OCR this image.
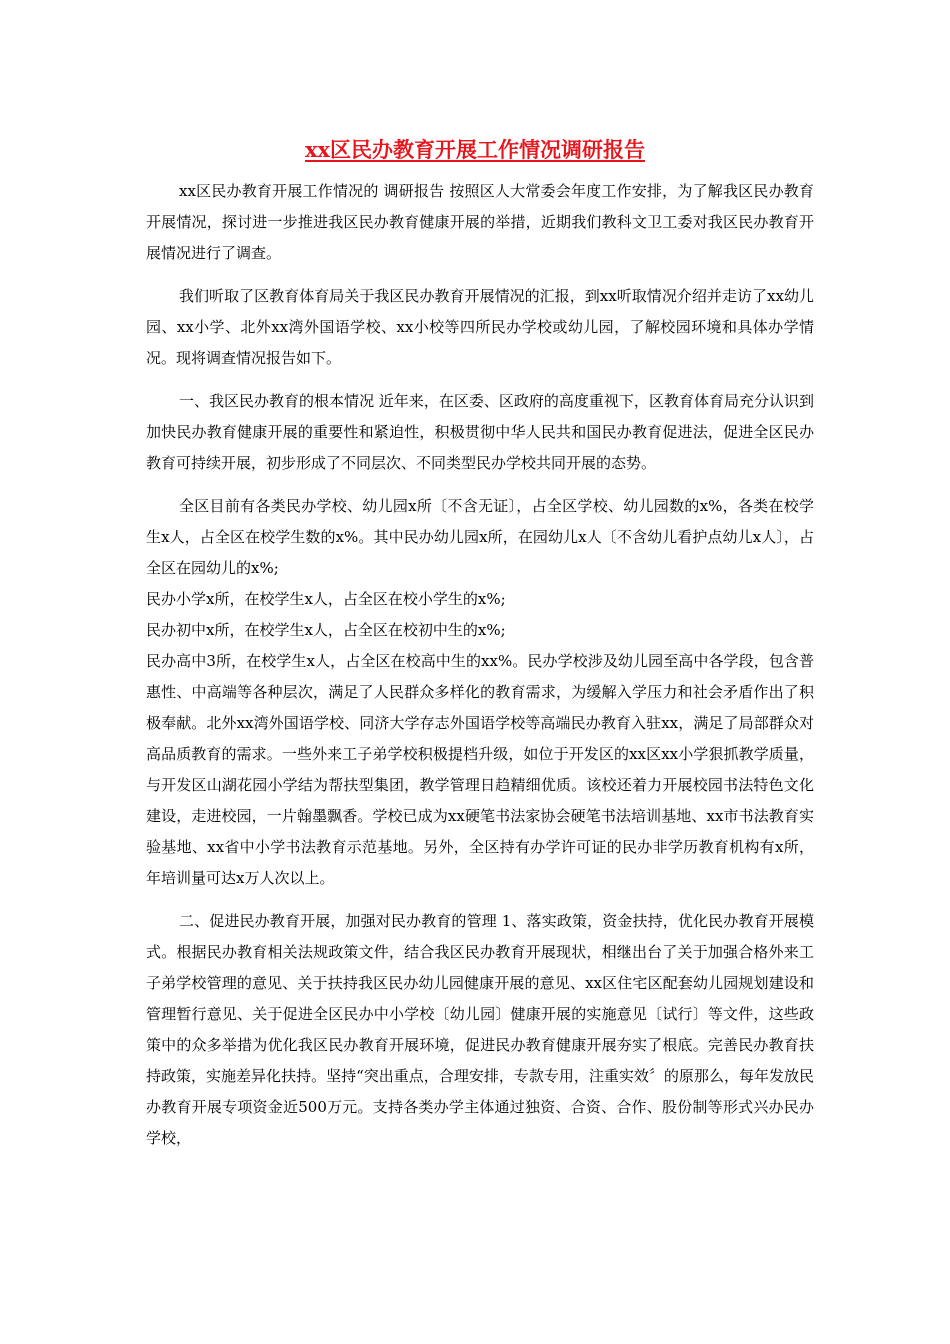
xx区民办教育开展工作情况调研报告

xx区民办教育开展工作情况的 调研报告 按照区人大常委会年度工作安排，为了解我区民办教育开展情况，探讨进一步推进我区民办教育健康开展的举措，近期我们教科文卫工委对我区民办教育开展情况进行了调查。

我们听取了区教育体育局关于我区民办教育开展情况的汇报，到xx听取情况介绍并走访了xx幼儿园、xx小学、北外xx湾外国语学校、xx小校等四所民办学校或幼儿园，了解校园环境和具体办学情况。现将调查情况报告如下。

一、我区民办教育的根本情况 近年来，在区委、区政府的高度重视下，区教育体育局充分认识到加快民办教育健康开展的重要性和紧迫性，积极贯彻中华人民共和国民办教育促进法，促进全区民办教育可持续开展，初步形成了不同层次、不同类型民办学校共同开展的态势。

全区目前有各类民办学校、幼儿园x所〔不含无证〕，占全区学校、幼儿园数的x%，各类在校学生x人，占全区在校学生数的x%。其中民办幼儿园x所，在园幼儿x人〔不含幼儿看护点幼儿x人〕，占全区在园幼儿的x%;

民办小学x所，在校学生x人，占全区在校小学生的x%;

民办初中x所，在校学生x人，占全区在校初中生的x%;

民办高中3所，在校学生x人，占全区在校高中生的xx%。民办学校涉及幼儿园至高中各学段，包含普惠性、中高端等各种层次，满足了人民群众多样化的教育需求，为缓解入学压力和社会矛盾作出了积极奉献。北外xx湾外国语学校、同济大学存志外国语学校等高端民办教育入驻xx，满足了局部群众对高品质教育的需求。一些外来工子弟学校积极提档升级，如位于开发区的xx区xx小学狠抓教学质量，与开发区山湖花园小学结为帮扶型集团，教学管理日趋精细优质。该校还着力开展校园书法特色文化建设，走进校园，一片翰墨飘香。学校已成为xx硬笔书法家协会硬笔书法培训基地、xx市书法教育实验基地、xx省中小学书法教育示范基地。另外，全区持有办学许可证的民办非学历教育机构有x所，年培训量可达x万人次以上。

二、促进民办教育开展，加强对民办教育的管理 1、落实政策，资金扶持，优化民办教育开展模式。根据民办教育相关法规政策文件，结合我区民办教育开展现状，相继出台了关于加强合格外来工子弟学校管理的意见、关于扶持我区民办幼儿园健康开展的意见、xx区住宅区配套幼儿园规划建设和管理暂行意见、关于促进全区民办中小学校〔幼儿园〕健康开展的实施意见〔试行〕等文件，这些政策中的众多举措为优化我区民办教育开展环境，促进民办教育健康开展夯实了根底。完善民办教育扶持政策，实施差异化扶持。坚持“突出重点，合理安排，专款专用，注重实效〞的原那么，每年发放民办教育开展专项资金近500万元。支持各类办学主体通过独资、合资、合作、股份制等形式兴办民办学校，
